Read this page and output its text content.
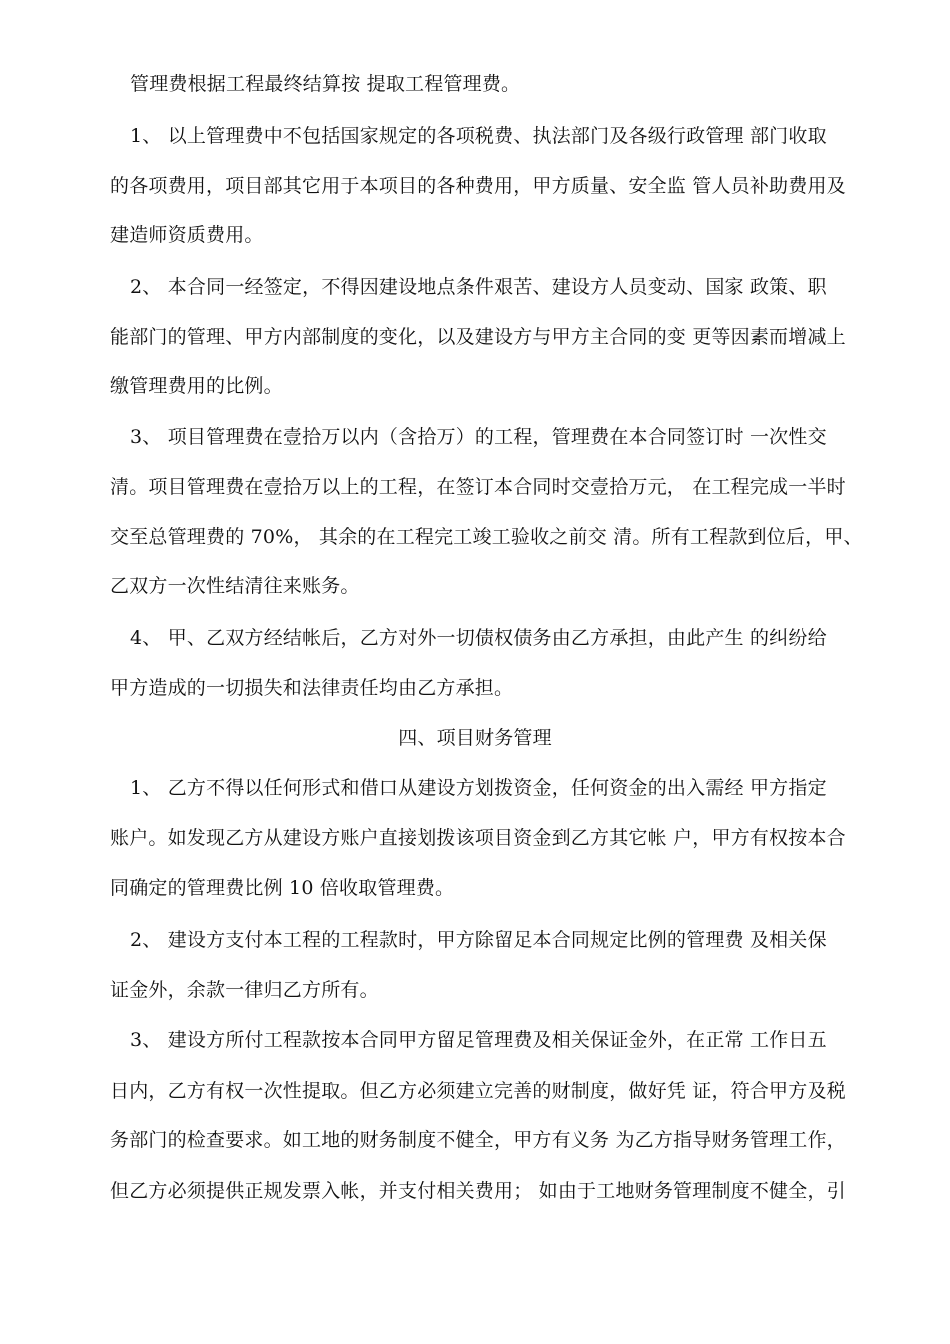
管理费根据工程最终结算按 提取工程管理费。
1、 以上管理费中不包括国家规定的各项税费、执法部门及各级行政管理 部门收取
的各项费用，项目部其它用于本项目的各种费用，甲方质量、安全监 管人员补助费用及
建造师资质费用。
2、 本合同一经签定，不得因建设地点条件艰苦、建设方人员变动、国家 政策、职
能部门的管理、甲方内部制度的变化，以及建设方与甲方主合同的变 更等因素而增减上
缴管理费用的比例。
3、 项目管理费在壹拾万以内（含拾万）的工程，管理费在本合同签订时 一次性交
清。项目管理费在壹拾万以上的工程，在签订本合同时交壹拾万元， 在工程完成一半时
交至总管理费的 70%， 其余的在工程完工竣工验收之前交 清。所有工程款到位后，甲、
乙双方一次性结清往来账务。
4、 甲、乙双方经结帐后，乙方对外一切债权债务由乙方承担，由此产生 的纠纷给
甲方造成的一切损失和法律责任均由乙方承担。
四、项目财务管理
1、 乙方不得以任何形式和借口从建设方划拨资金，任何资金的出入需经 甲方指定
账户。如发现乙方从建设方账户直接划拨该项目资金到乙方其它帐 户，甲方有权按本合
同确定的管理费比例 10 倍收取管理费。
2、 建设方支付本工程的工程款时，甲方除留足本合同规定比例的管理费 及相关保
证金外，余款一律归乙方所有。
3、 建设方所付工程款按本合同甲方留足管理费及相关保证金外，在正常 工作日五
日内，乙方有权一次性提取。但乙方必须建立完善的财制度，做好凭 证，符合甲方及税
务部门的检查要求。如工地的财务制度不健全，甲方有义务 为乙方指导财务管理工作，
但乙方必须提供正规发票入帐，并支付相关费用； 如由于工地财务管理制度不健全，引
